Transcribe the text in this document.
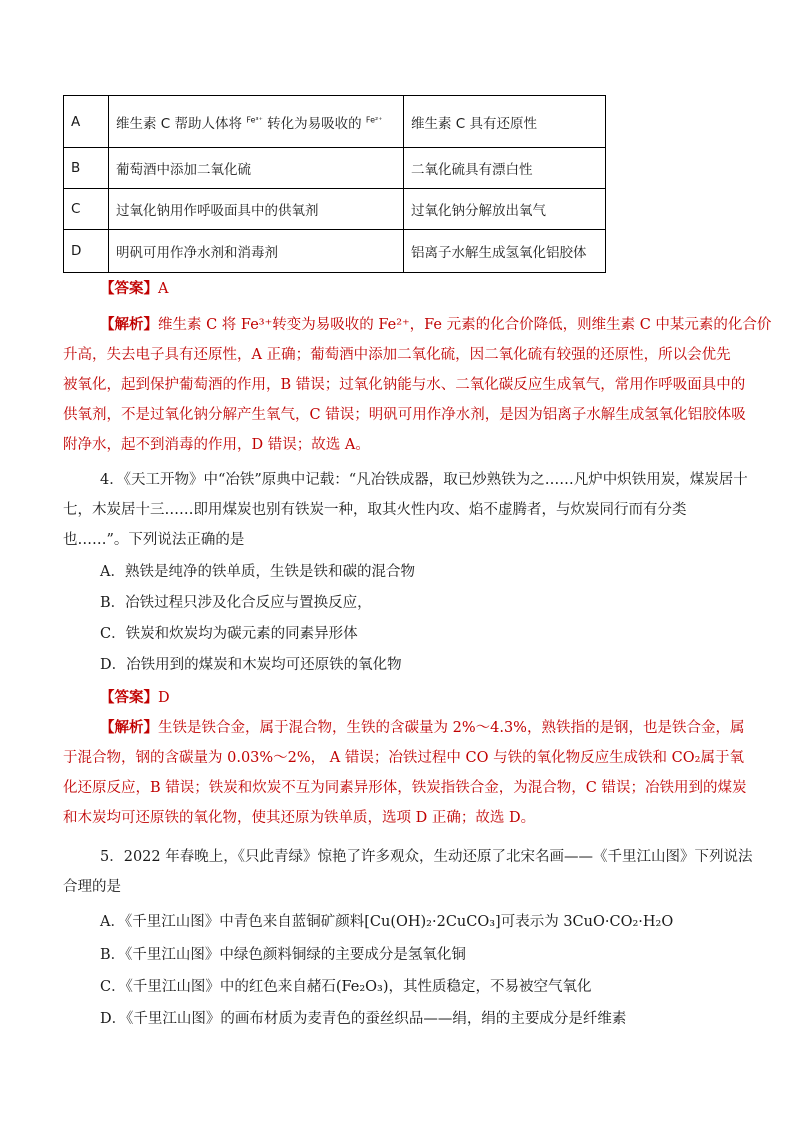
A	维生素 C 帮助人体将 $^{Fe^{3+}}$ 转化为易吸收的 $^{Fe^{2+}}$	维生素 C 具有还原性
B	葡萄酒中添加二氧化硫	二氧化硫具有漂白性
C	过氧化钠用作呼吸面具中的供氧剂	过氧化钠分解放出氧气
D	明矾可用作净水剂和消毒剂	铝离子水解生成氢氧化铝胶体
【答案】A
【解析】维生素 C 将 Fe³⁺转变为易吸收的 Fe²⁺，Fe 元素的化合价降低，则维生素 C 中某元素的化合价
升高，失去电子具有还原性，A 正确；葡萄酒中添加二氧化硫，因二氧化硫有较强的还原性，所以会优先
被氧化，起到保护葡萄酒的作用，B 错误；过氧化钠能与水、二氧化碳反应生成氧气，常用作呼吸面具中的
供氧剂，不是过氧化钠分解产生氧气，C 错误；明矾可用作净水剂，是因为铝离子水解生成氢氧化铝胶体吸
附净水，起不到消毒的作用，D 错误；故选 A。
4．《天工开物》中“冶铁”原典中记载：“凡冶铁成器，取已炒熟铁为之……凡炉中炽铁用炭，煤炭居十
七，木炭居十三……即用煤炭也别有铁炭一种，取其火性内攻、焰不虚腾者，与炊炭同行而有分类
也……”。下列说法正确的是
A．熟铁是纯净的铁单质，生铁是铁和碳的混合物
B．冶铁过程只涉及化合反应与置换反应，
C．铁炭和炊炭均为碳元素的同素异形体
D．冶铁用到的煤炭和木炭均可还原铁的氧化物
【答案】D
【解析】生铁是铁合金，属于混合物，生铁的含碳量为 2%～4.3%，熟铁指的是钢，也是铁合金，属
于混合物，钢的含碳量为 0.03%～2%， A 错误；冶铁过程中 CO 与铁的氧化物反应生成铁和 CO₂属于氧
化还原反应，B 错误；铁炭和炊炭不互为同素异形体，铁炭指铁合金，为混合物，C 错误；冶铁用到的煤炭
和木炭均可还原铁的氧化物，使其还原为铁单质，选项 D 正确；故选 D。
5．2022 年春晚上，《只此青绿》惊艳了许多观众，生动还原了北宋名画——《千里江山图》下列说法
合理的是
A．《千里江山图》中青色来自蓝铜矿颜料[Cu(OH)₂·2CuCO₃]可表示为 3CuO·CO₂·H₂O
B．《千里江山图》中绿色颜料铜绿的主要成分是氢氧化铜
C．《千里江山图》中的红色来自赭石(Fe₂O₃)，其性质稳定，不易被空气氧化
D．《千里江山图》的画布材质为麦青色的蚕丝织品——绢，绢的主要成分是纤维素
